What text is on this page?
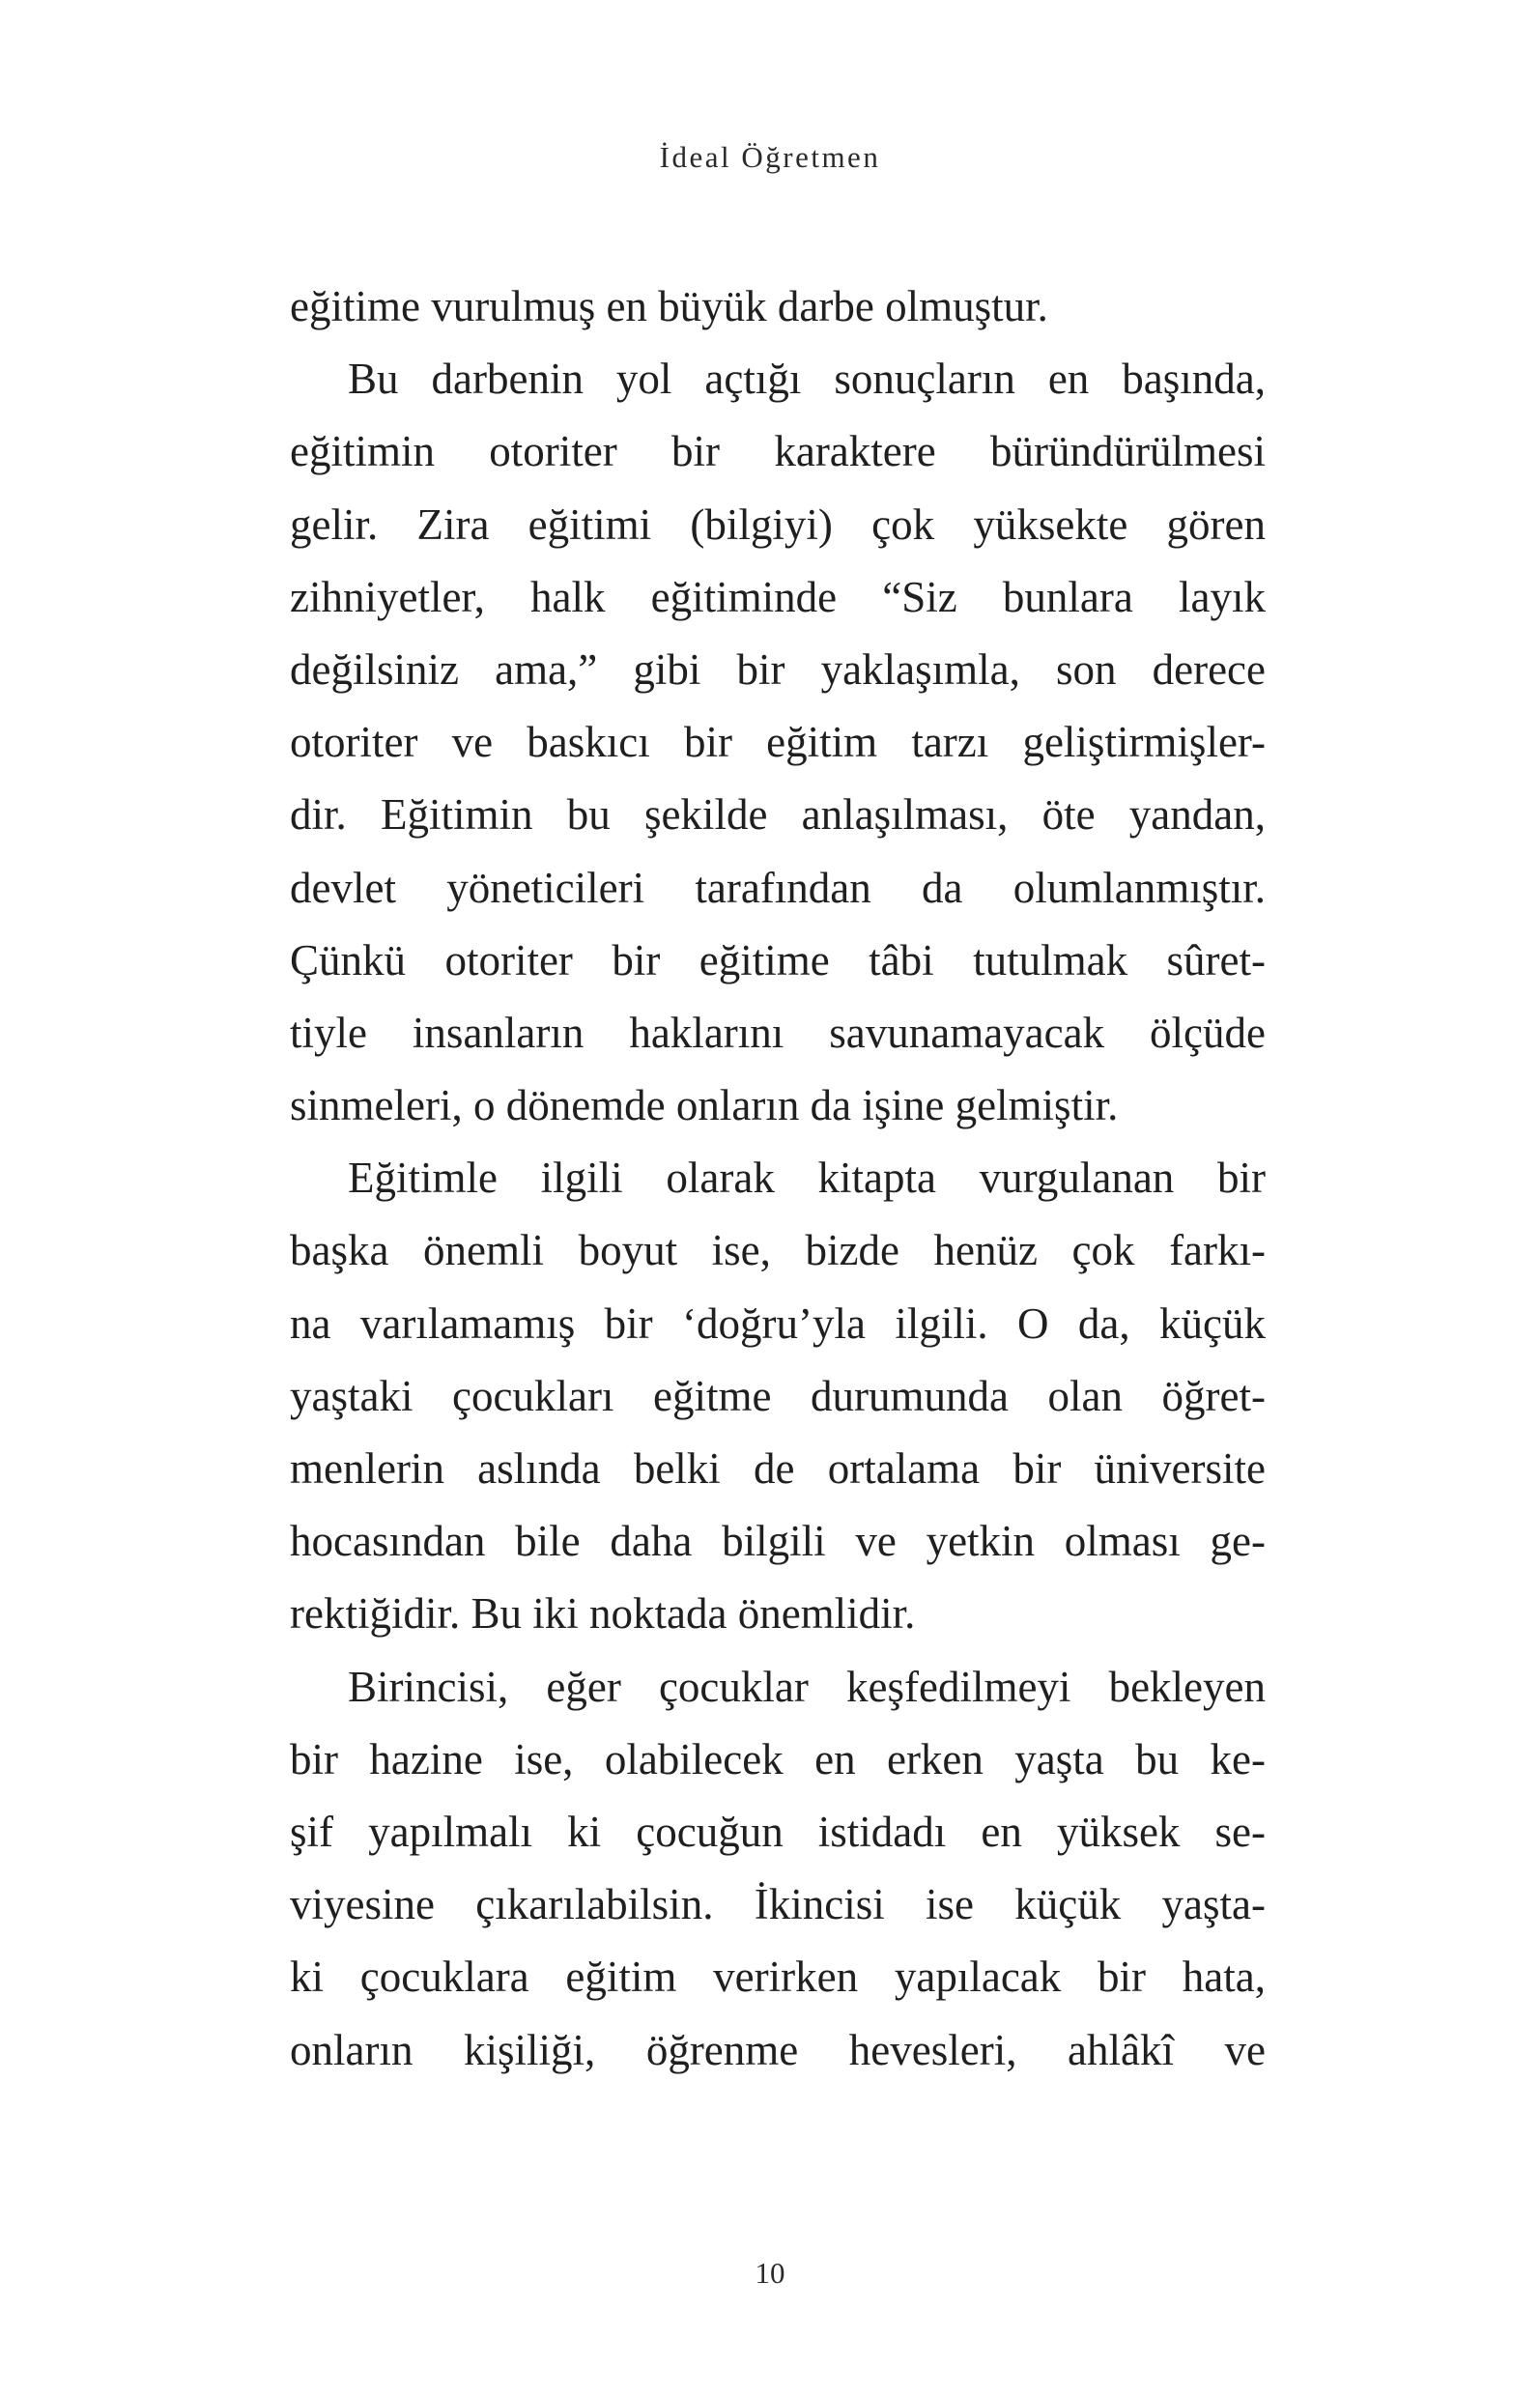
İdeal Öğretmen
eğitime vurulmuş en büyük darbe olmuştur.
Bu darbenin yol açtığı sonuçların en başında,
eğitimin otoriter bir karaktere büründürülmesi
gelir. Zira eğitimi (bilgiyi) çok yüksekte gören
zihniyetler, halk eğitiminde “Siz bunlara layık
değilsiniz ama,” gibi bir yaklaşımla, son derece
otoriter ve baskıcı bir eğitim tarzı geliştirmişler-
dir. Eğitimin bu şekilde anlaşılması, öte yandan,
devlet yöneticileri tarafından da olumlanmıştır.
Çünkü otoriter bir eğitime tâbi tutulmak sûret-
tiyle insanların haklarını savunamayacak ölçüde
sinmeleri, o dönemde onların da işine gelmiştir.
Eğitimle ilgili olarak kitapta vurgulanan bir
başka önemli boyut ise, bizde henüz çok farkı-
na varılamamış bir ‘doğru’yla ilgili. O da, küçük
yaştaki çocukları eğitme durumunda olan öğret-
menlerin aslında belki de ortalama bir üniversite
hocasından bile daha bilgili ve yetkin olması ge-
rektiğidir. Bu iki noktada önemlidir.
Birincisi, eğer çocuklar keşfedilmeyi bekleyen
bir hazine ise, olabilecek en erken yaşta bu ke-
şif yapılmalı ki çocuğun istidadı en yüksek se-
viyesine çıkarılabilsin. İkincisi ise küçük yaşta-
ki çocuklara eğitim verirken yapılacak bir hata,
onların kişiliği, öğrenme hevesleri, ahlâkî ve
10
